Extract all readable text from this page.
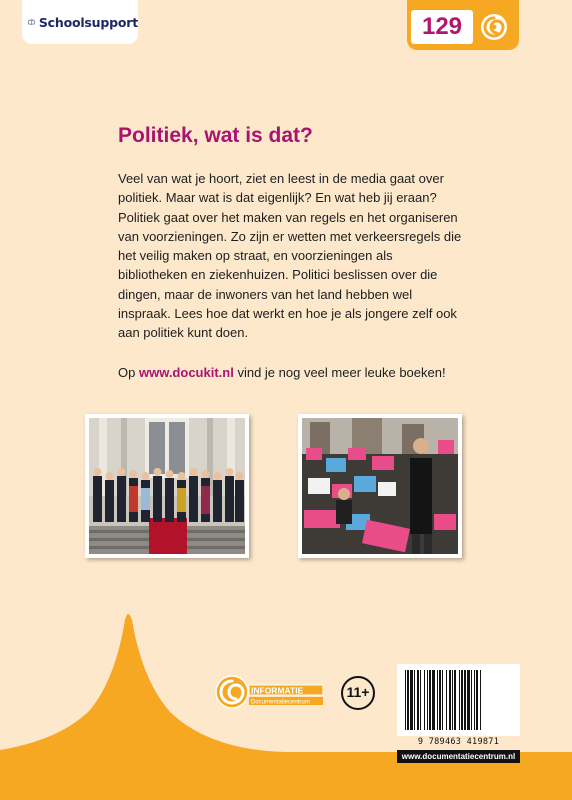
Schoolsupport	129
Politiek, wat is dat?

Veel van wat je hoort, ziet en leest in de media gaat over politiek. Maar wat is dat eigenlijk? En wat heb jij eraan? Politiek gaat over het maken van regels en het organiseren van voorzieningen. Zo zijn er wetten met verkeersregels die het veilig maken op straat, en voorzieningen als bibliotheken en ziekenhuizen. Politici beslissen over die dingen, maar de inwoners van het land hebben wel inspraak. Lees hoe dat werkt en hoe je als jongere zelf ook aan politiek kunt doen.

Op www.docukit.nl vind je nog veel meer leuke boeken!

INFORMATIE
Documentatiecentrum
11+
9 789463 419871
www.documentatiecentrum.nl
